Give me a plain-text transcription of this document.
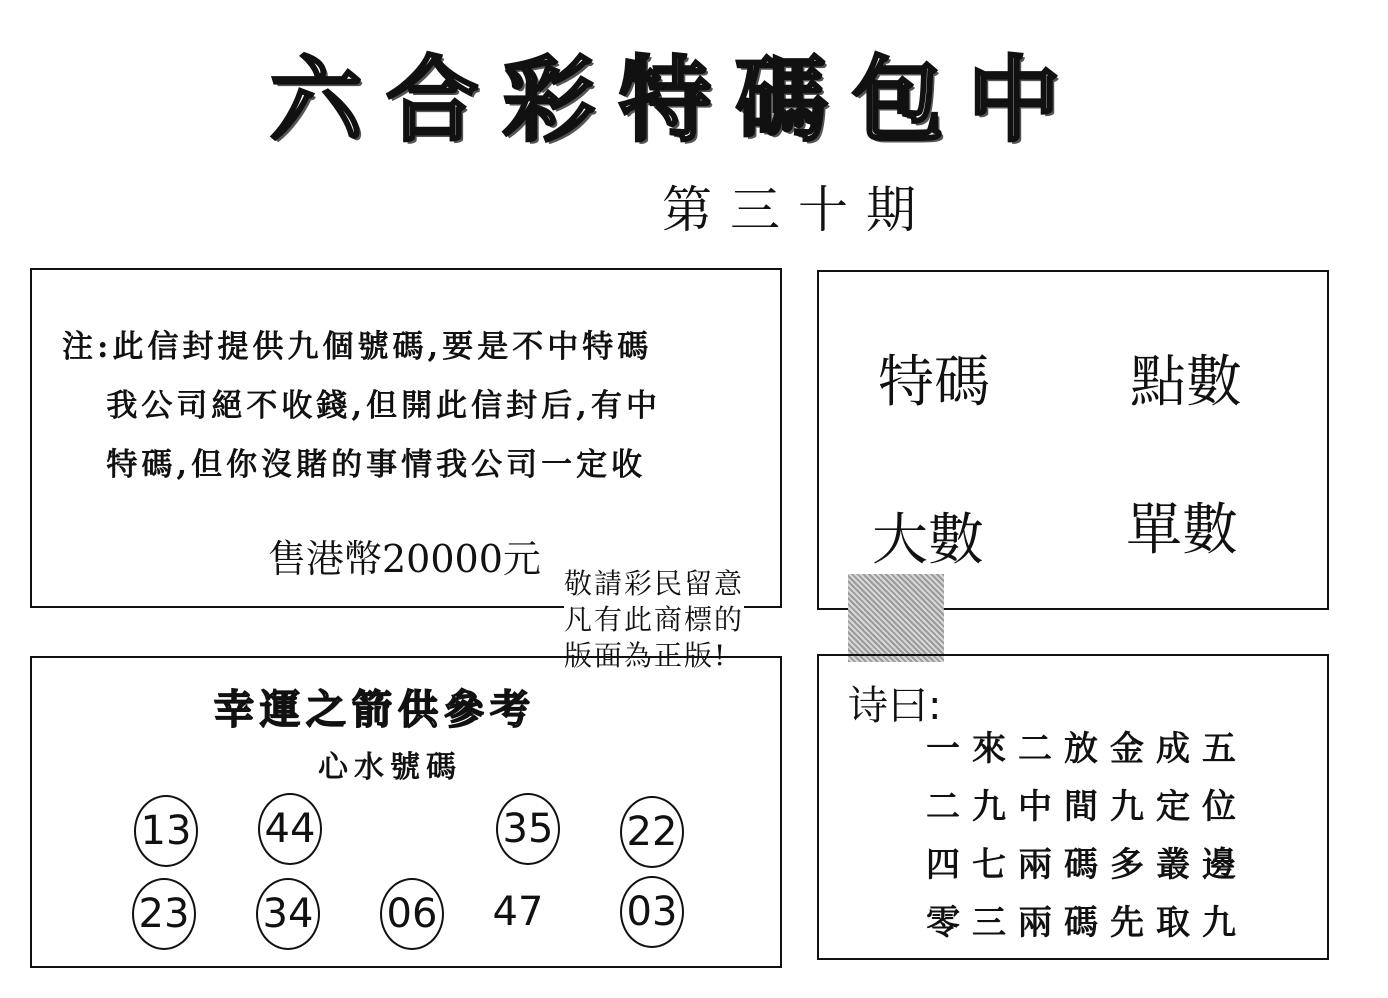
六 合 彩 特 碼 包 中
第三十期
注:此信封提供九個號碼,要是不中特碼
我公司絕不收錢,但開此信封后,有中
特碼,但你沒賭的事情我公司一定收
售港幣20000元
特碼	點數
大數	單數
敬請彩民留意
凡有此商標的
版面為正版!
幸運之箭供參考
心水號碼
13 44	35 22
23 34 06 47 03
诗曰:
一來二放金成五
二九中間九定位
四七兩碼多叢邊
零三兩碼先取九
